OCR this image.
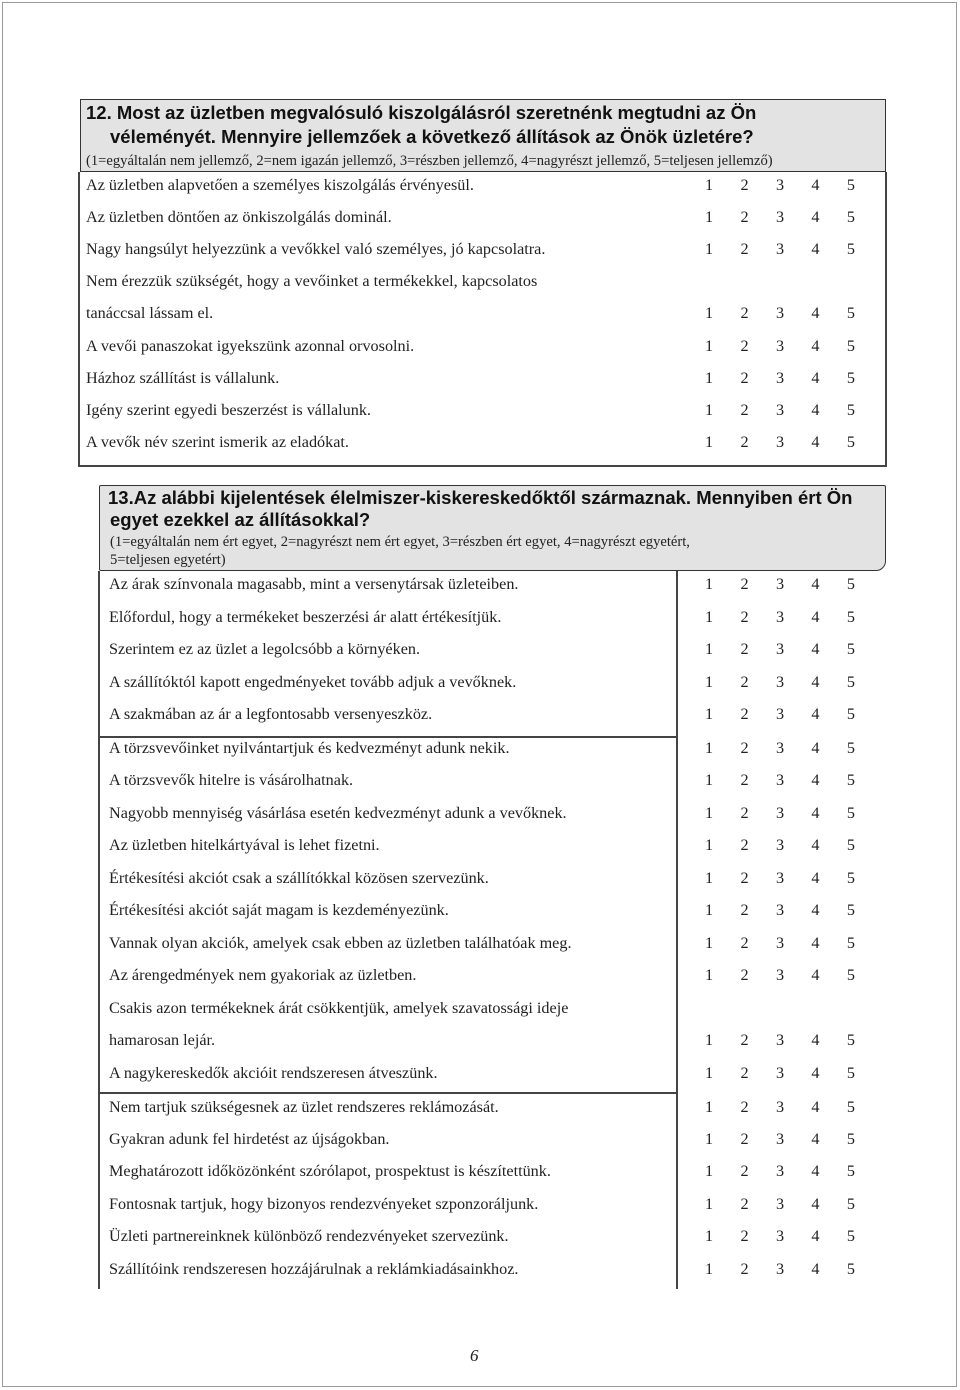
12. Most az üzletben megvalósuló kiszolgálásról szeretnénk megtudni az Ön
véleményét. Mennyire jellemzőek a következő állítások az Önök üzletére?
(1=egyáltalán nem jellemző, 2=nem igazán jellemző, 3=részben jellemző, 4=nagyrészt jellemző, 5=teljesen jellemző)
Az üzletben alapvetően a személyes kiszolgálás érvényesül.	1 2 3 4 5
Az üzletben döntően az önkiszolgálás dominál.	1 2 3 4 5
Nagy hangsúlyt helyezzünk a vevőkkel való személyes, jó kapcsolatra.	1 2 3 4 5
Nem érezzük szükségét, hogy a vevőinket a termékekkel, kapcsolatos
tanáccsal lássam el.	1 2 3 4 5
A vevői panaszokat igyekszünk azonnal orvosolni.	1 2 3 4 5
Házhoz szállítást is vállalunk.	1 2 3 4 5
Igény szerint egyedi beszerzést is vállalunk.	1 2 3 4 5
A vevők név szerint ismerik az eladókat.	1 2 3 4 5
13.Az alábbi kijelentések élelmiszer-kiskereskedőktől származnak. Mennyiben ért Ön
egyet ezekkel az állításokkal?
(1=egyáltalán nem ért egyet, 2=nagyrészt nem ért egyet, 3=részben ért egyet, 4=nagyrészt egyetért,
5=teljesen egyetért)
Az árak színvonala magasabb, mint a versenytársak üzleteiben.	1 2 3 4 5
Előfordul, hogy a termékeket beszerzési ár alatt értékesítjük.	1 2 3 4 5
Szerintem ez az üzlet a legolcsóbb a környéken.	1 2 3 4 5
A szállítóktól kapott engedményeket tovább adjuk a vevőknek.	1 2 3 4 5
A szakmában az ár a legfontosabb versenyeszköz.	1 2 3 4 5
A törzsvevőinket nyilvántartjuk és kedvezményt adunk nekik.	1 2 3 4 5
A törzsvevők hitelre is vásárolhatnak.	1 2 3 4 5
Nagyobb mennyiség vásárlása esetén kedvezményt adunk a vevőknek.	1 2 3 4 5
Az üzletben hitelkártyával is lehet fizetni.	1 2 3 4 5
Értékesítési akciót csak a szállítókkal közösen szervezünk.	1 2 3 4 5
Értékesítési akciót saját magam is kezdeményezünk.	1 2 3 4 5
Vannak olyan akciók, amelyek csak ebben az üzletben találhatóak meg.	1 2 3 4 5
Az árengedmények nem gyakoriak az üzletben.	1 2 3 4 5
Csakis azon termékeknek árát csökkentjük, amelyek szavatossági ideje
hamarosan lejár.	1 2 3 4 5
A nagykereskedők akcióit rendszeresen átveszünk.	1 2 3 4 5
Nem tartjuk szükségesnek az üzlet rendszeres reklámozását.	1 2 3 4 5
Gyakran adunk fel hirdetést az újságokban.	1 2 3 4 5
Meghatározott időközönként szórólapot, prospektust is készítettünk.	1 2 3 4 5
Fontosnak tartjuk, hogy bizonyos rendezvényeket szponzoráljunk.	1 2 3 4 5
Üzleti partnereinknek különböző rendezvényeket szervezünk.	1 2 3 4 5
Szállítóink rendszeresen hozzájárulnak a reklámkiadásainkhoz.	1 2 3 4 5
6
